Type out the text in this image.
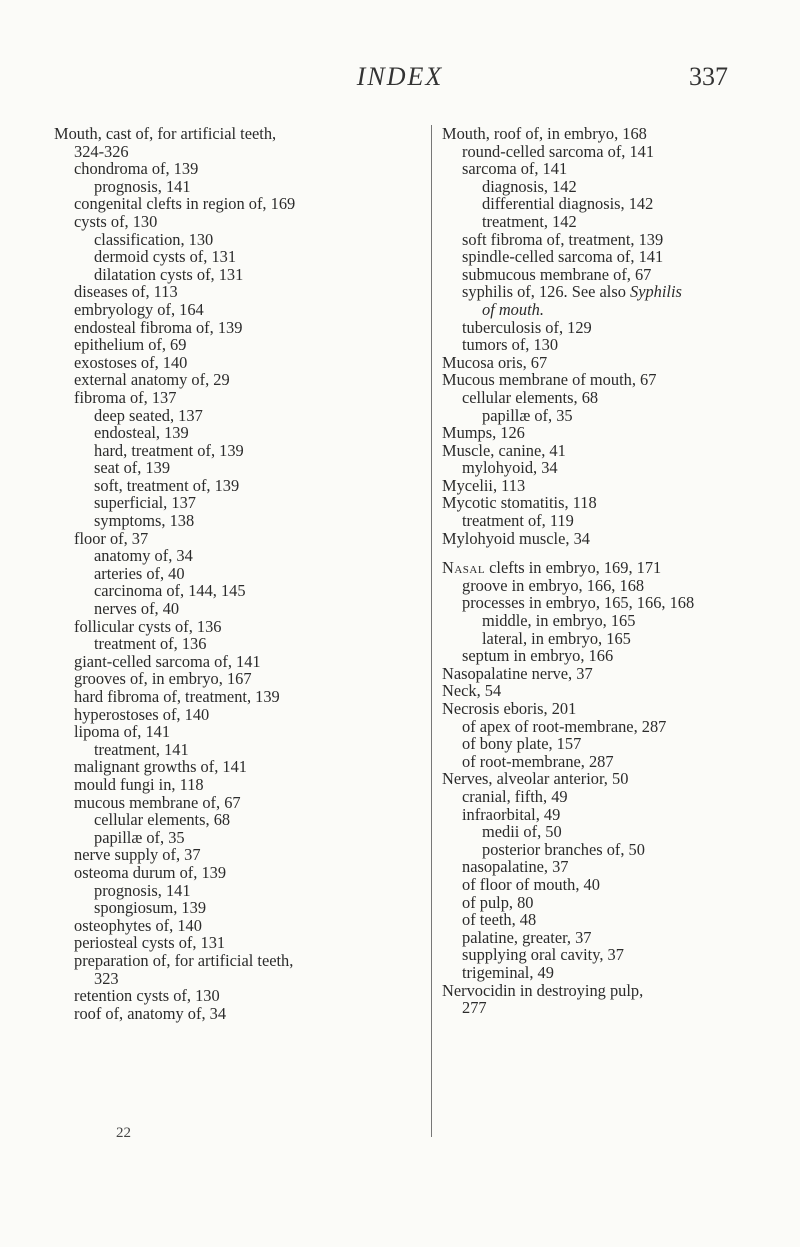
INDEX	337
Mouth, cast of, for artificial teeth,
324-326
chondroma of, 139
prognosis, 141
congenital clefts in region of, 169
cysts of, 130
classification, 130
dermoid cysts of, 131
dilatation cysts of, 131
diseases of, 113
embryology of, 164
endosteal fibroma of, 139
epithelium of, 69
exostoses of, 140
external anatomy of, 29
fibroma of, 137
deep seated, 137
endosteal, 139
hard, treatment of, 139
seat of, 139
soft, treatment of, 139
superficial, 137
symptoms, 138
floor of, 37
anatomy of, 34
arteries of, 40
carcinoma of, 144, 145
nerves of, 40
follicular cysts of, 136
treatment of, 136
giant-celled sarcoma of, 141
grooves of, in embryo, 167
hard fibroma of, treatment, 139
hyperostoses of, 140
lipoma of, 141
treatment, 141
malignant growths of, 141
mould fungi in, 118
mucous membrane of, 67
cellular elements, 68
papillæ of, 35
nerve supply of, 37
osteoma durum of, 139
prognosis, 141
spongiosum, 139
osteophytes of, 140
periosteal cysts of, 131
preparation of, for artificial teeth,
323
retention cysts of, 130
roof of, anatomy of, 34
Mouth, roof of, in embryo, 168
round-celled sarcoma of, 141
sarcoma of, 141
diagnosis, 142
differential diagnosis, 142
treatment, 142
soft fibroma of, treatment, 139
spindle-celled sarcoma of, 141
submucous membrane of, 67
syphilis of, 126. See also Syphilis
of mouth.
tuberculosis of, 129
tumors of, 130
Mucosa oris, 67
Mucous membrane of mouth, 67
cellular elements, 68
papillæ of, 35
Mumps, 126
Muscle, canine, 41
mylohyoid, 34
Mycelii, 113
Mycotic stomatitis, 118
treatment of, 119
Mylohyoid muscle, 34
Nasal clefts in embryo, 169, 171
groove in embryo, 166, 168
processes in embryo, 165, 166, 168
middle, in embryo, 165
lateral, in embryo, 165
septum in embryo, 166
Nasopalatine nerve, 37
Neck, 54
Necrosis eboris, 201
of apex of root-membrane, 287
of bony plate, 157
of root-membrane, 287
Nerves, alveolar anterior, 50
cranial, fifth, 49
infraorbital, 49
medii of, 50
posterior branches of, 50
nasopalatine, 37
of floor of mouth, 40
of pulp, 80
of teeth, 48
palatine, greater, 37
supplying oral cavity, 37
trigeminal, 49
Nervocidin in destroying pulp,
277
22
